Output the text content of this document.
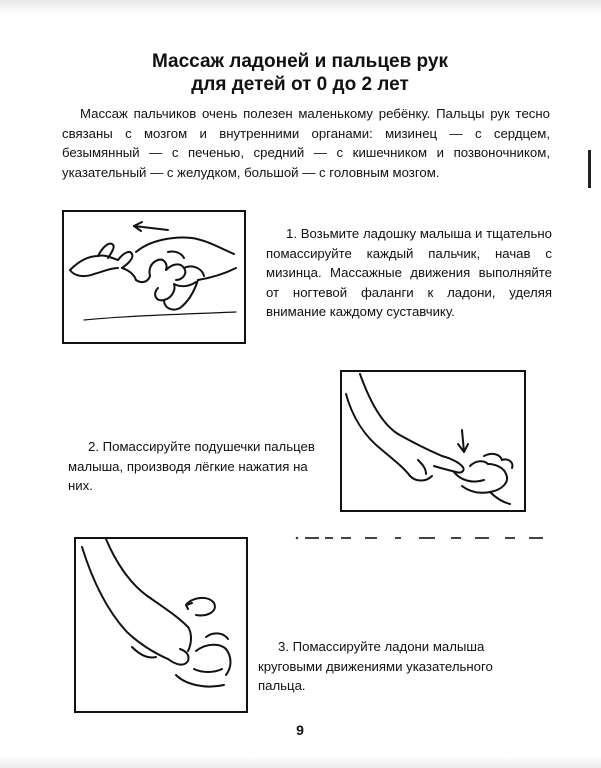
Массаж ладоней и пальцев рук
для детей от 0 до 2 лет

Массаж пальчиков очень полезен маленькому ребёнку. Пальцы рук тесно связаны с мозгом и внутренними органами: мизинец — с сердцем, безымянный — с печенью, средний — с кишечником и позвоночником, указательный — с желудком, большой — с головным мозгом.

1. Возьмите ладошку малыша и тщательно помассируйте каждый пальчик, начав с мизинца. Массажные движения выполняйте от ногтевой фаланги к ладони, уделяя внимание каждому суставчику.

2. Помассируйте подушечки пальцев малыша, производя лёгкие нажатия на них.

3. Помассируйте ладони малыша круговыми движениями указательного пальца.

9
